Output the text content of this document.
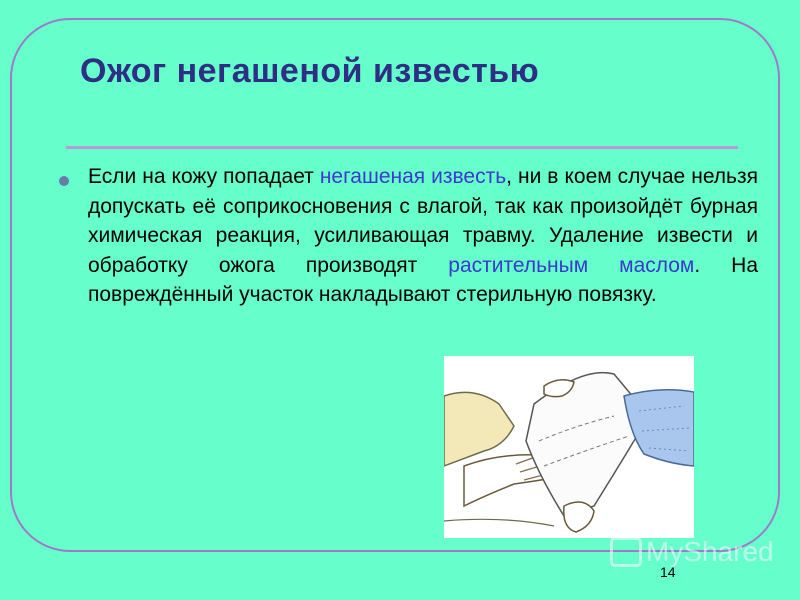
Ожог негашеной известью

Если на кожу попадает негашеная известь, ни в коем случае нельзя допускать её соприкосновения с влагой, так как произойдёт бурная химическая реакция, усиливающая травму. Удаление извести и обработку ожога производят растительным маслом. На повреждённый участок накладывают стерильную повязку.

MyShared
14
